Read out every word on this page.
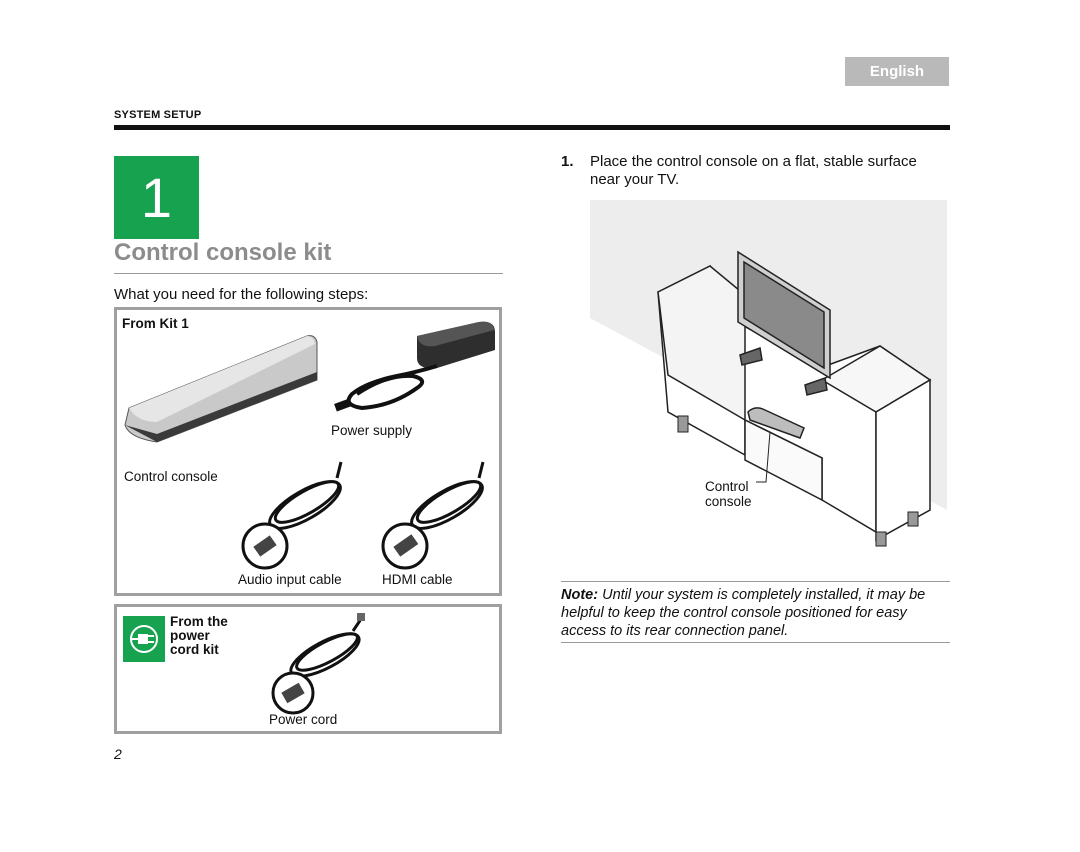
English
SYSTEM SETUP
1
Control console kit
What you need for the following steps:
From Kit 1
Power supply
Control console
Audio input cable	HDMI cable
From the
power
cord kit
Power cord
1. Place the control console on a flat, stable surface near your TV.
Control
console
Note: Until your system is completely installed, it may be helpful to keep the control console positioned for easy access to its rear connection panel.
2
